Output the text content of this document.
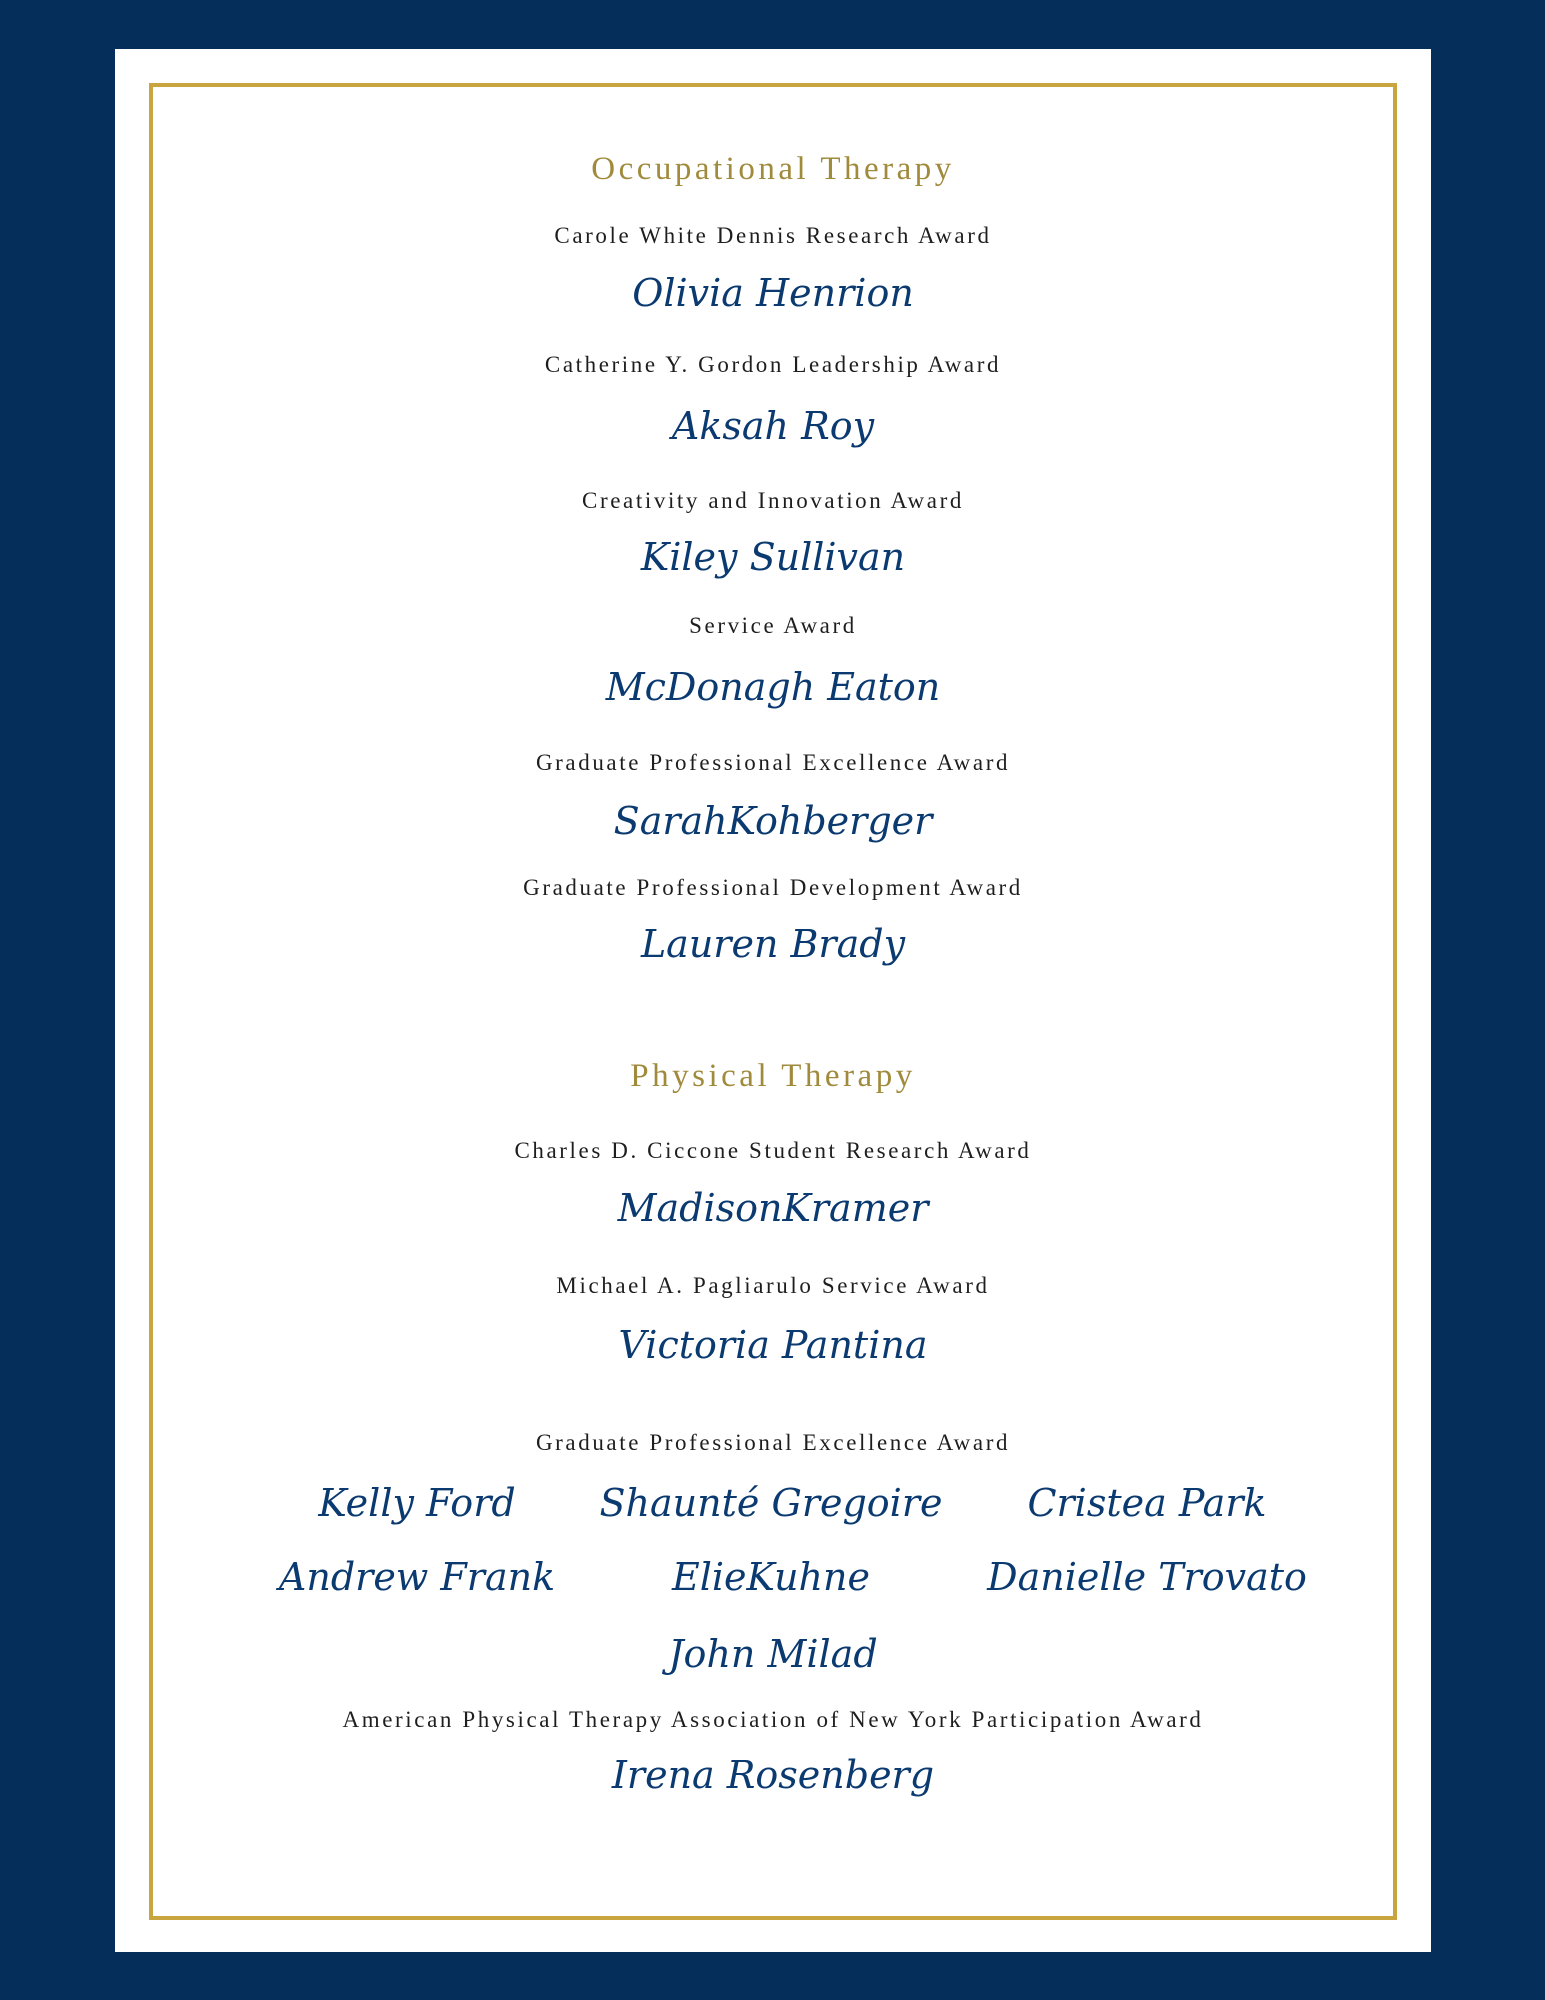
Occupational Therapy
Carole White Dennis Research Award
Olivia Henrion
Catherine Y. Gordon Leadership Award
Aksah Roy
Creativity and Innovation Award
Kiley Sullivan
Service Award
McDonagh Eaton
Graduate Professional Excellence Award
SarahKohberger
Graduate Professional Development Award
Lauren Brady
Physical Therapy
Charles D. Ciccone Student Research Award
MadisonKramer
Michael A. Pagliarulo Service Award
Victoria Pantina
Graduate Professional Excellence Award
Kelly Ford	Shaunté Gregoire	Cristea Park
Andrew Frank	ElieKuhne	Danielle Trovato
John Milad
American Physical Therapy Association of New York Participation Award
Irena Rosenberg
